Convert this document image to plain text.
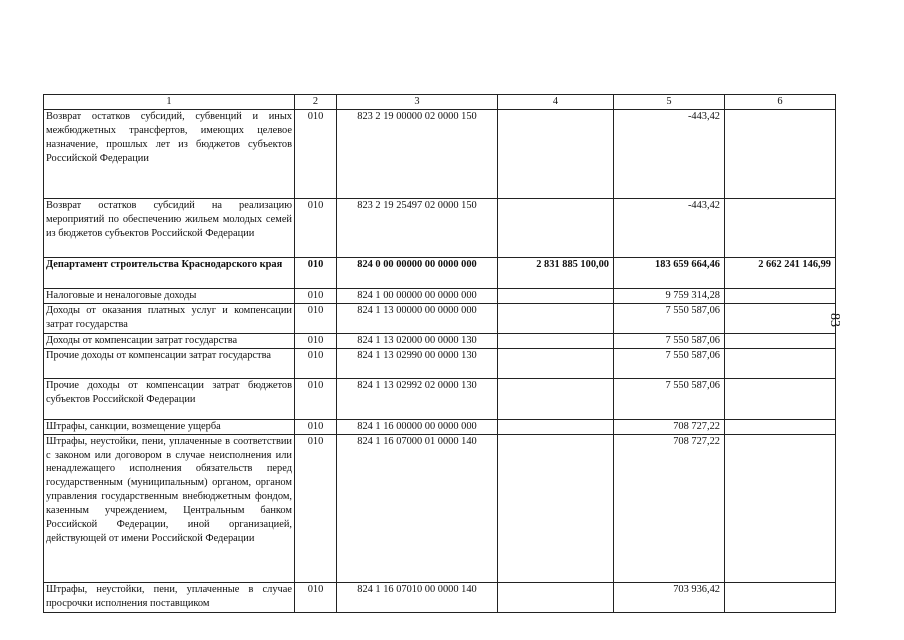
1	2	3	4	5	6
Возврат остатков субсидий, субвенций и иных межбюджетных трансфертов, имеющих целевое назначение, прошлых лет из бюджетов субъектов Российской Федерации	010	823 2 19 00000 02 0000 150		-443,42	
Возврат остатков субсидий на реализацию мероприятий по обеспечению жильем молодых семей из бюджетов субъектов Российской Федерации	010	823 2 19 25497 02 0000 150		-443,42	
Департамент строительства Краснодарского края	010	824 0 00 00000 00 0000 000	2 831 885 100,00	183 659 664,46	2 662 241 146,99
Налоговые и неналоговые доходы	010	824 1 00 00000 00 0000 000		9 759 314,28	
Доходы от оказания платных услуг и компенсации затрат государства	010	824 1 13 00000 00 0000 000		7 550 587,06	
Доходы от компенсации затрат государства	010	824 1 13 02000 00 0000 130		7 550 587,06	
Прочие доходы от компенсации затрат государства	010	824 1 13 02990 00 0000 130		7 550 587,06	
Прочие доходы от компенсации затрат бюджетов субъектов Российской Федерации	010	824 1 13 02992 02 0000 130		7 550 587,06	
Штрафы, санкции, возмещение ущерба	010	824 1 16 00000 00 0000 000		708 727,22	
Штрафы, неустойки, пени, уплаченные в соответствии с законом или договором в случае неисполнения или ненадлежащего исполнения обязательств перед государственным (муниципальным) органом, органом управления государственным внебюджетным фондом, казенным учреждением, Центральным банком Российской Федерации, иной организацией, действующей от имени Российской Федерации	010	824 1 16 07000 01 0000 140		708 727,22	
Штрафы, неустойки, пени, уплаченные в случае просрочки исполнения поставщиком	010	824 1 16 07010 00 0000 140		703 936,42	
83
